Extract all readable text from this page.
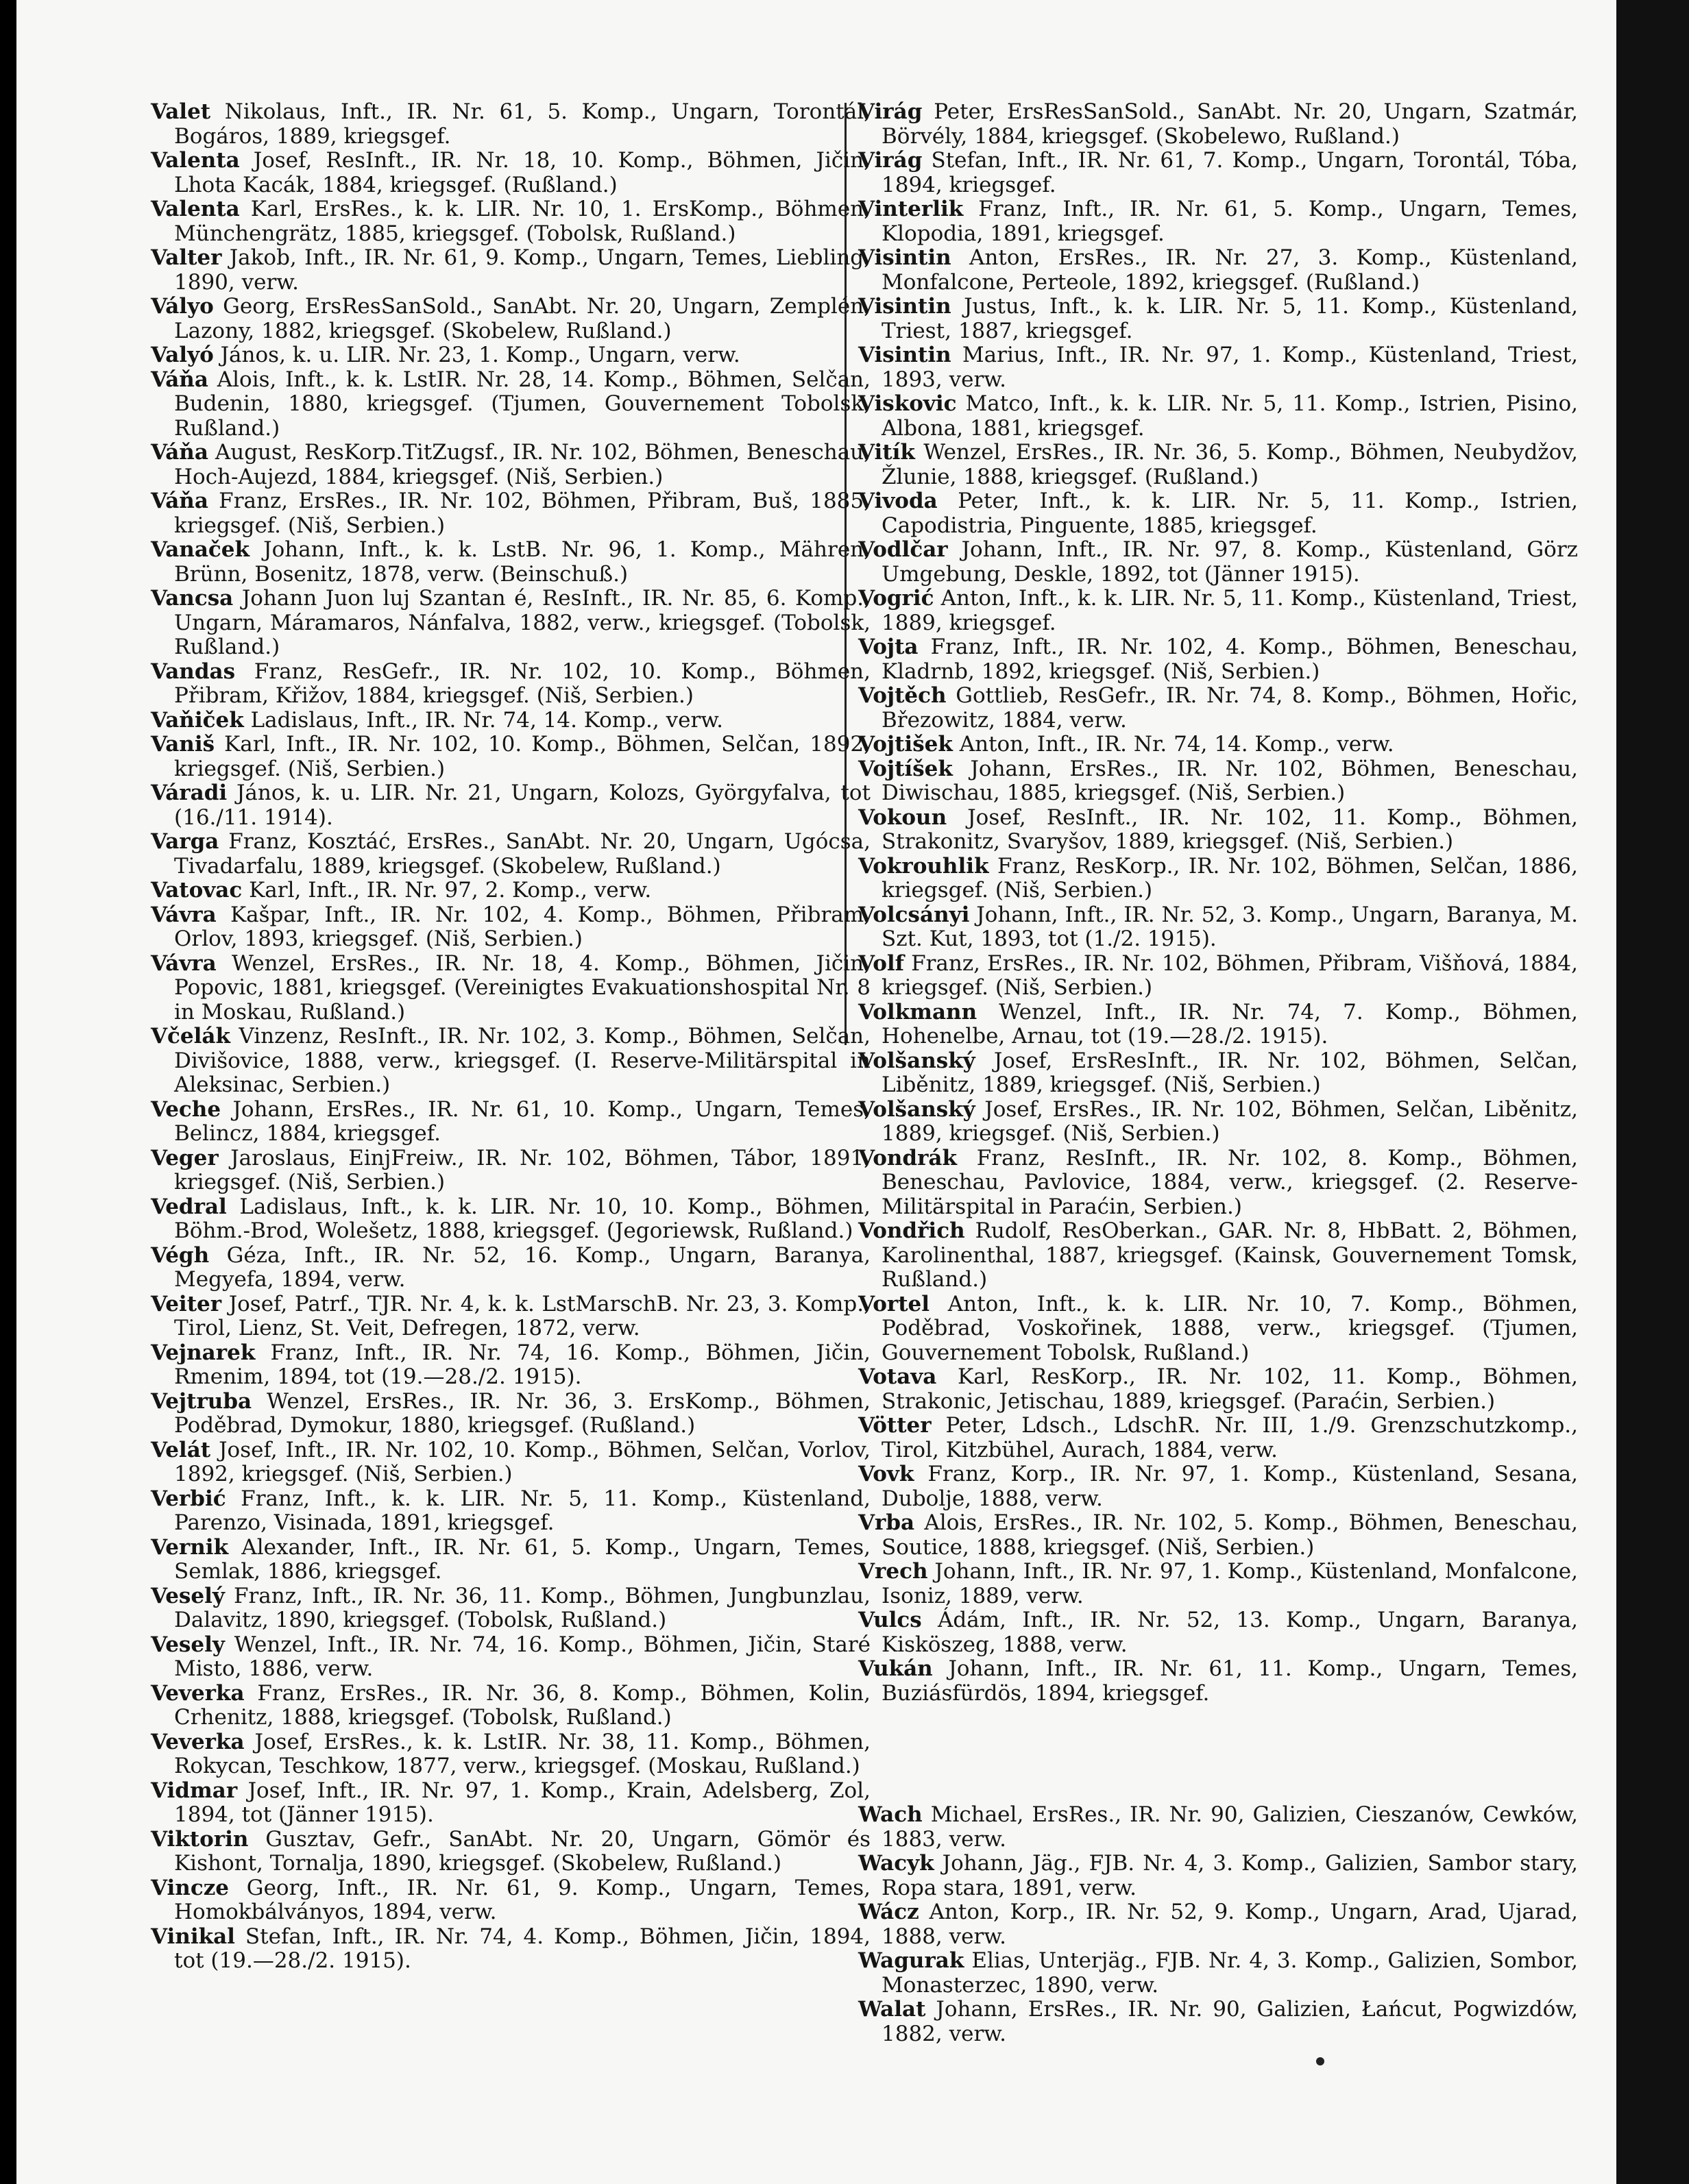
Valet Nikolaus, Inft., IR. Nr. 61, 5. Komp., Ungarn, Torontál, Bogáros, 1889, kriegsgef.

Valenta Josef, ResInft., IR. Nr. 18, 10. Komp., Böhmen, Jičin, Lhota Kacák, 1884, kriegsgef. (Rußland.)

Valenta Karl, ErsRes., k. k. LIR. Nr. 10, 1. ErsKomp., Böhmen, Münchengrätz, 1885, kriegsgef. (Tobolsk, Rußland.)

Valter Jakob, Inft., IR. Nr. 61, 9. Komp., Ungarn, Temes, Liebling, 1890, verw.

Vályo Georg, ErsResSanSold., SanAbt. Nr. 20, Ungarn, Zemplén, Lazony, 1882, kriegsgef. (Skobelew, Rußland.)

Valyó János, k. u. LIR. Nr. 23, 1. Komp., Ungarn, verw.

Váňa Alois, Inft., k. k. LstIR. Nr. 28, 14. Komp., Böhmen, Selčan, Budenin, 1880, kriegsgef. (Tjumen, Gouvernement Tobolsk, Rußland.)

Váňa August, ResKorp.TitZugsf., IR. Nr. 102, Böhmen, Beneschau, Hoch-Aujezd, 1884, kriegsgef. (Niš, Serbien.)

Váňa Franz, ErsRes., IR. Nr. 102, Böhmen, Přibram, Buš, 1885, kriegsgef. (Niš, Serbien.)

Vanaček Johann, Inft., k. k. LstB. Nr. 96, 1. Komp., Mähren, Brünn, Bosenitz, 1878, verw. (Beinschuß.)

Vancsa Johann Juon luj Szantan é, ResInft., IR. Nr. 85, 6. Komp., Ungarn, Máramaros, Nánfalva, 1882, verw., kriegsgef. (Tobolsk, Rußland.)

Vandas Franz, ResGefr., IR. Nr. 102, 10. Komp., Böhmen, Přibram, Křižov, 1884, kriegsgef. (Niš, Serbien.)

Vaňiček Ladislaus, Inft., IR. Nr. 74, 14. Komp., verw.

Vaniš Karl, Inft., IR. Nr. 102, 10. Komp., Böhmen, Selčan, 1892, kriegsgef. (Niš, Serbien.)

Váradi János, k. u. LIR. Nr. 21, Ungarn, Kolozs, Györgyfalva, tot (16./11. 1914).

Varga Franz, Kosztáć, ErsRes., SanAbt. Nr. 20, Ungarn, Ugócsa, Tivadarfalu, 1889, kriegsgef. (Skobelew, Rußland.)

Vatovac Karl, Inft., IR. Nr. 97, 2. Komp., verw.

Vávra Kašpar, Inft., IR. Nr. 102, 4. Komp., Böhmen, Přibram, Orlov, 1893, kriegsgef. (Niš, Serbien.)

Vávra Wenzel, ErsRes., IR. Nr. 18, 4. Komp., Böhmen, Jičin, Popovic, 1881, kriegsgef. (Vereinigtes Evakuationshospital Nr. 8 in Moskau, Rußland.)

Včelák Vinzenz, ResInft., IR. Nr. 102, 3. Komp., Böhmen, Selčan, Divišovice, 1888, verw., kriegsgef. (I. Reserve-Militärspital in Aleksinac, Serbien.)

Veche Johann, ErsRes., IR. Nr. 61, 10. Komp., Ungarn, Temes, Belincz, 1884, kriegsgef.

Veger Jaroslaus, EinjFreiw., IR. Nr. 102, Böhmen, Tábor, 1891, kriegsgef. (Niš, Serbien.)

Vedral Ladislaus, Inft., k. k. LIR. Nr. 10, 10. Komp., Böhmen, Böhm.-Brod, Wolešetz, 1888, kriegsgef. (Jegoriewsk, Rußland.)

Végh Géza, Inft., IR. Nr. 52, 16. Komp., Ungarn, Baranya, Megyefa, 1894, verw.

Veiter Josef, Patrf., TJR. Nr. 4, k. k. LstMarschB. Nr. 23, 3. Komp., Tirol, Lienz, St. Veit, Defregen, 1872, verw.

Vejnarek Franz, Inft., IR. Nr. 74, 16. Komp., Böhmen, Jičin, Rmenim, 1894, tot (19.—28./2. 1915).

Vejtruba Wenzel, ErsRes., IR. Nr. 36, 3. ErsKomp., Böhmen, Poděbrad, Dymokur, 1880, kriegsgef. (Rußland.)

Velát Josef, Inft., IR. Nr. 102, 10. Komp., Böhmen, Selčan, Vorlov, 1892, kriegsgef. (Niš, Serbien.)

Verbić Franz, Inft., k. k. LIR. Nr. 5, 11. Komp., Küstenland, Parenzo, Visinada, 1891, kriegsgef.

Vernik Alexander, Inft., IR. Nr. 61, 5. Komp., Ungarn, Temes, Semlak, 1886, kriegsgef.

Veselý Franz, Inft., IR. Nr. 36, 11. Komp., Böhmen, Jungbunzlau, Dalavitz, 1890, kriegsgef. (Tobolsk, Rußland.)

Vesely Wenzel, Inft., IR. Nr. 74, 16. Komp., Böhmen, Jičin, Staré Misto, 1886, verw.

Veverka Franz, ErsRes., IR. Nr. 36, 8. Komp., Böhmen, Kolin, Crhenitz, 1888, kriegsgef. (Tobolsk, Rußland.)

Veverka Josef, ErsRes., k. k. LstIR. Nr. 38, 11. Komp., Böhmen, Rokycan, Teschkow, 1877, verw., kriegsgef. (Moskau, Rußland.)

Vidmar Josef, Inft., IR. Nr. 97, 1. Komp., Krain, Adelsberg, Zol, 1894, tot (Jänner 1915).

Viktorin Gusztav, Gefr., SanAbt. Nr. 20, Ungarn, Gömör és Kishont, Tornalja, 1890, kriegsgef. (Skobelew, Rußland.)

Vincze Georg, Inft., IR. Nr. 61, 9. Komp., Ungarn, Temes, Homokbálványos, 1894, verw.

Vinikal Stefan, Inft., IR. Nr. 74, 4. Komp., Böhmen, Jičin, 1894, tot (19.—28./2. 1915).

Virág Peter, ErsResSanSold., SanAbt. Nr. 20, Ungarn, Szatmár, Börvély, 1884, kriegsgef. (Skobelewo, Rußland.)

Virág Stefan, Inft., IR. Nr. 61, 7. Komp., Ungarn, Torontál, Tóba, 1894, kriegsgef.

Vinterlik Franz, Inft., IR. Nr. 61, 5. Komp., Ungarn, Temes, Klopodia, 1891, kriegsgef.

Visintin Anton, ErsRes., IR. Nr. 27, 3. Komp., Küstenland, Monfalcone, Perteole, 1892, kriegsgef. (Rußland.)

Visintin Justus, Inft., k. k. LIR. Nr. 5, 11. Komp., Küstenland, Triest, 1887, kriegsgef.

Visintin Marius, Inft., IR. Nr. 97, 1. Komp., Küstenland, Triest, 1893, verw.

Viskovic Matco, Inft., k. k. LIR. Nr. 5, 11. Komp., Istrien, Pisino, Albona, 1881, kriegsgef.

Vitík Wenzel, ErsRes., IR. Nr. 36, 5. Komp., Böhmen, Neubydžov, Žlunie, 1888, kriegsgef. (Rußland.)

Vivoda Peter, Inft., k. k. LIR. Nr. 5, 11. Komp., Istrien, Capodistria, Pinguente, 1885, kriegsgef.

Vodlčar Johann, Inft., IR. Nr. 97, 8. Komp., Küstenland, Görz Umgebung, Deskle, 1892, tot (Jänner 1915).

Vogrić Anton, Inft., k. k. LIR. Nr. 5, 11. Komp., Küstenland, Triest, 1889, kriegsgef.

Vojta Franz, Inft., IR. Nr. 102, 4. Komp., Böhmen, Beneschau, Kladrnb, 1892, kriegsgef. (Niš, Serbien.)

Vojtěch Gottlieb, ResGefr., IR. Nr. 74, 8. Komp., Böhmen, Hořic, Březowitz, 1884, verw.

Vojtišek Anton, Inft., IR. Nr. 74, 14. Komp., verw.

Vojtíšek Johann, ErsRes., IR. Nr. 102, Böhmen, Beneschau, Diwischau, 1885, kriegsgef. (Niš, Serbien.)

Vokoun Josef, ResInft., IR. Nr. 102, 11. Komp., Böhmen, Strakonitz, Svaryšov, 1889, kriegsgef. (Niš, Serbien.)

Vokrouhlik Franz, ResKorp., IR. Nr. 102, Böhmen, Selčan, 1886, kriegsgef. (Niš, Serbien.)

Volcsányi Johann, Inft., IR. Nr. 52, 3. Komp., Ungarn, Baranya, M. Szt. Kut, 1893, tot (1./2. 1915).

Volf Franz, ErsRes., IR. Nr. 102, Böhmen, Přibram, Višňová, 1884, kriegsgef. (Niš, Serbien.)

Volkmann Wenzel, Inft., IR. Nr. 74, 7. Komp., Böhmen, Hohenelbe, Arnau, tot (19.—28./2. 1915).

Volšanský Josef, ErsResInft., IR. Nr. 102, Böhmen, Selčan, Liběnitz, 1889, kriegsgef. (Niš, Serbien.)

Volšanský Josef, ErsRes., IR. Nr. 102, Böhmen, Selčan, Liběnitz, 1889, kriegsgef. (Niš, Serbien.)

Vondrák Franz, ResInft., IR. Nr. 102, 8. Komp., Böhmen, Beneschau, Pavlovice, 1884, verw., kriegsgef. (2. Reserve-Militärspital in Paraćin, Serbien.)

Vondřich Rudolf, ResOberkan., GAR. Nr. 8, HbBatt. 2, Böhmen, Karolinenthal, 1887, kriegsgef. (Kainsk, Gouvernement Tomsk, Rußland.)

Vortel Anton, Inft., k. k. LIR. Nr. 10, 7. Komp., Böhmen, Poděbrad, Voskořinek, 1888, verw., kriegsgef. (Tjumen, Gouvernement Tobolsk, Rußland.)

Votava Karl, ResKorp., IR. Nr. 102, 11. Komp., Böhmen, Strakonic, Jetischau, 1889, kriegsgef. (Paraćin, Serbien.)

Vötter Peter, Ldsch., LdschR. Nr. III, 1./9. Grenzschutzkomp., Tirol, Kitzbühel, Aurach, 1884, verw.

Vovk Franz, Korp., IR. Nr. 97, 1. Komp., Küstenland, Sesana, Dubolje, 1888, verw.

Vrba Alois, ErsRes., IR. Nr. 102, 5. Komp., Böhmen, Beneschau, Soutice, 1888, kriegsgef. (Niš, Serbien.)

Vrech Johann, Inft., IR. Nr. 97, 1. Komp., Küstenland, Monfalcone, Isoniz, 1889, verw.

Vulcs Ádám, Inft., IR. Nr. 52, 13. Komp., Ungarn, Baranya, Kisköszeg, 1888, verw.

Vukán Johann, Inft., IR. Nr. 61, 11. Komp., Ungarn, Temes, Buziásfürdös, 1894, kriegsgef.

Wach Michael, ErsRes., IR. Nr. 90, Galizien, Cieszanów, Cewków, 1883, verw.

Wacyk Johann, Jäg., FJB. Nr. 4, 3. Komp., Galizien, Sambor stary, Ropa stara, 1891, verw.

Wácz Anton, Korp., IR. Nr. 52, 9. Komp., Ungarn, Arad, Ujarad, 1888, verw.

Wagurak Elias, Unterjäg., FJB. Nr. 4, 3. Komp., Galizien, Sombor, Monasterzec, 1890, verw.

Walat Johann, ErsRes., IR. Nr. 90, Galizien, Łańcut, Pogwizdów, 1882, verw.
